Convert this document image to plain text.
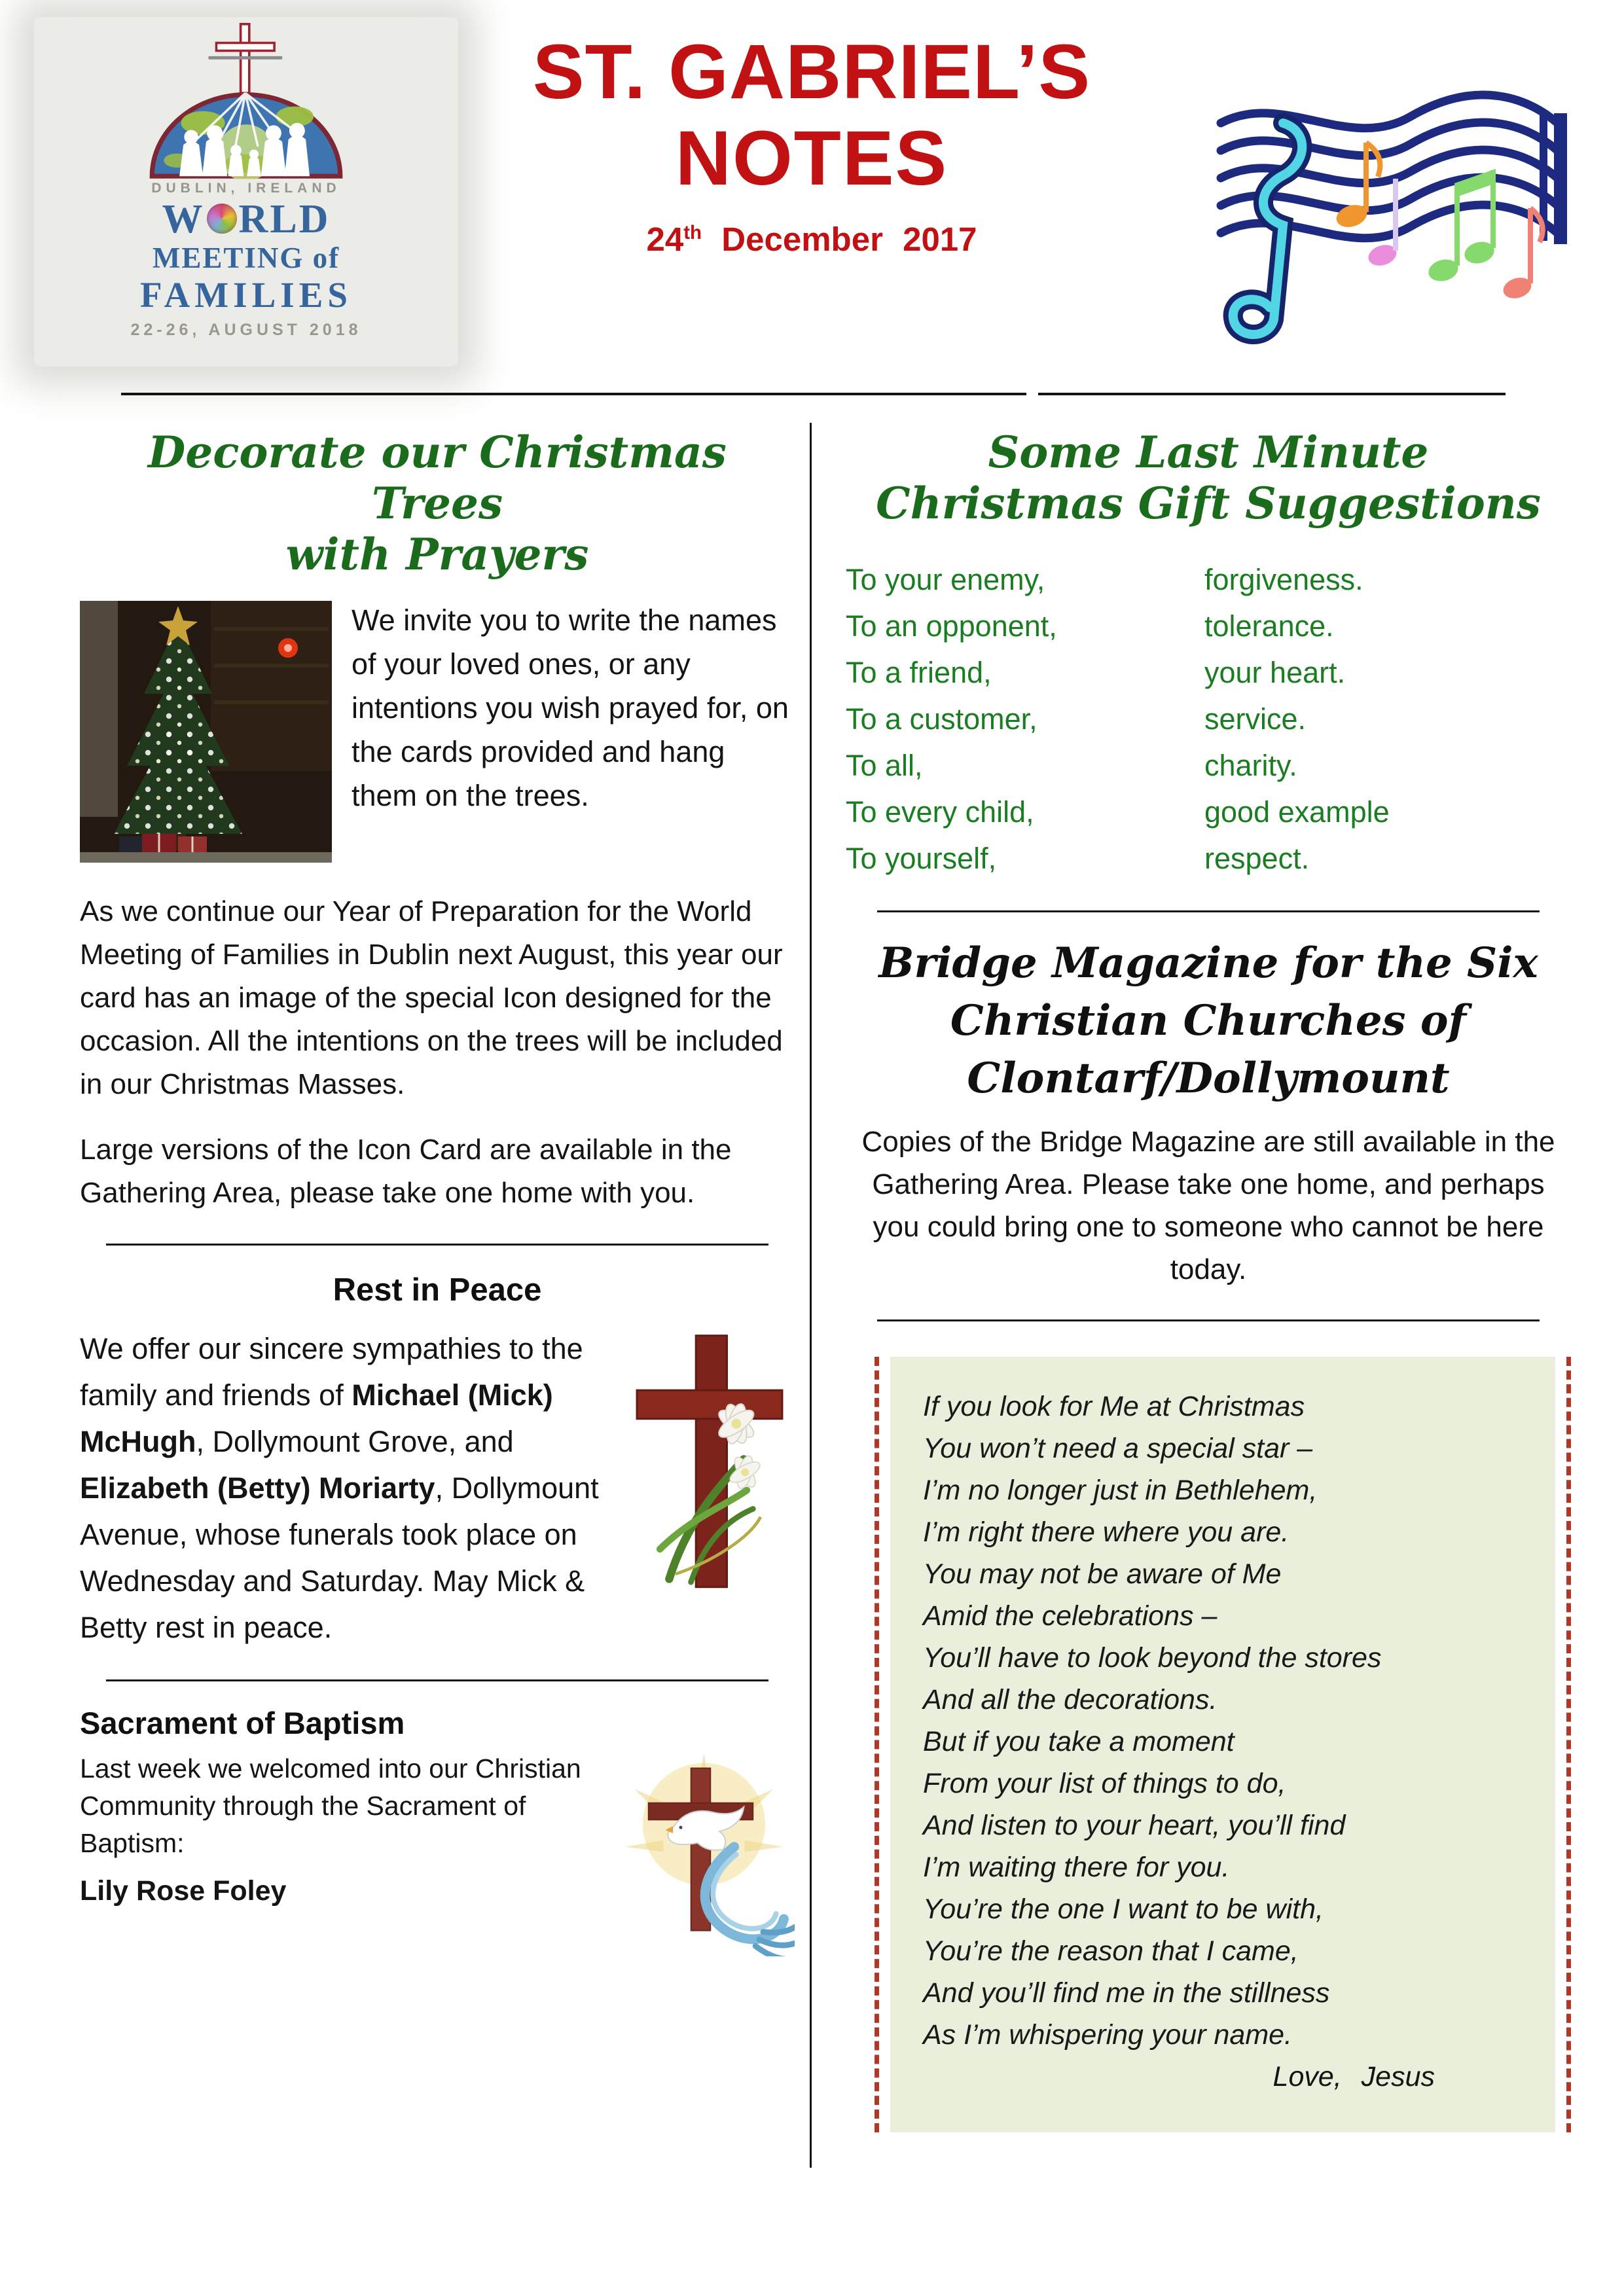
DUBLIN, IRELAND
W RLD
MEETING of
FAMILIES
22-26, AUGUST 2018
ST. GABRIEL’S
NOTES
24th December 2017
Decorate our Christmas Trees
with Prayers
We invite you to write the names of your loved ones, or any intentions you wish prayed for, on the cards provided and hang them on the trees.
As we continue our Year of Preparation for the World Meeting of Families in Dublin next August, this year our card has an image of the special Icon designed for the occasion. All the intentions on the trees will be included in our Christmas Masses.
Large versions of the Icon Card are available in the Gathering Area, please take one home with you.
Rest in Peace
We offer our sincere sympathies to the family and friends of Michael (Mick) McHugh, Dollymount Grove, and Elizabeth (Betty) Moriarty, Dollymount Avenue, whose funerals took place on Wednesday and Saturday. May Mick & Betty rest in peace.
Sacrament of Baptism
Last week we welcomed into our Christian Community through the Sacrament of Baptism:
Lily Rose Foley
Some Last Minute
Christmas Gift Suggestions
To your enemy,	forgiveness.
To an opponent,	tolerance.
To a friend,	your heart.
To a customer,	service.
To all,	charity.
To every child,	good example
To yourself,	respect.
Bridge Magazine for the Six
Christian Churches of
Clontarf/Dollymount
Copies of the Bridge Magazine are still available in the Gathering Area. Please take one home, and perhaps you could bring one to someone who cannot be here today.
If you look for Me at Christmas
You won’t need a special star –
I’m no longer just in Bethlehem,
I’m right there where you are.
You may not be aware of Me
Amid the celebrations –
You’ll have to look beyond the stores
And all the decorations.
But if you take a moment
From your list of things to do,
And listen to your heart, you’ll find
I’m waiting there for you.
You’re the one I want to be with,
You’re the reason that I came,
And you’ll find me in the stillness
As I’m whispering your name.
Love, Jesus
